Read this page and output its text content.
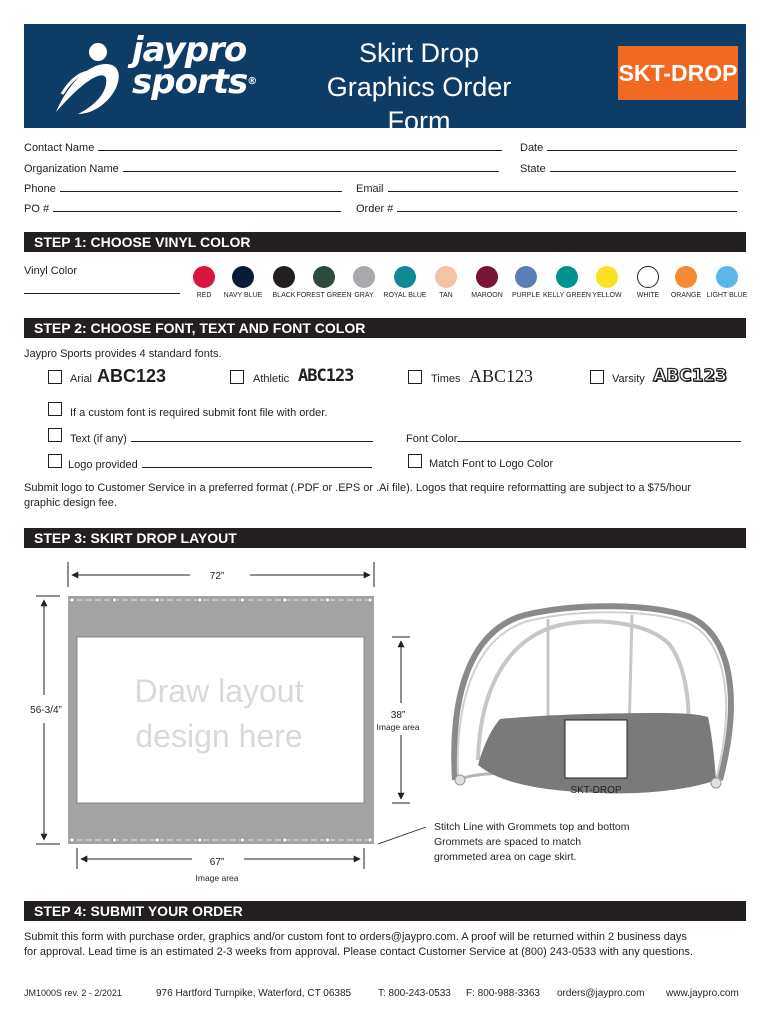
jaypro
sports®
Skirt Drop
Graphics Order Form
SKT-DROP
Contact Name	Date
Organization Name	State
Phone	Email
PO #	Order #
STEP 1: CHOOSE VINYL COLOR
Vinyl Color
RED NAVY BLUE BLACK FOREST GREEN GRAY ROYAL BLUE TAN	MAROON PURPLE KELLY GREEN YELLOW WHITE ORANGE LIGHT BLUE
STEP 2: CHOOSE FONT, TEXT AND FONT COLOR
Jaypro Sports provides 4 standard fonts.
Arial ABC123	Athletic ABC123	Times ABC123	Varsity ABC123
If a custom font is required submit font file with order.
Text (if any)	Font Color
Logo provided	Match Font to Logo Color
Submit logo to Customer Service in a preferred format (.PDF or .EPS or .Ai file). Logos that require reformatting are subject to a $75/hour
graphic design fee.
STEP 3: SKIRT DROP LAYOUT
72”
56-3/4”
Draw layout
design here
38”
Image area
67”
Image area
SKT-DROP
Stitch Line with Grommets top and bottom
Grommets are spaced to match
grommeted area on cage skirt.
STEP 4: SUBMIT YOUR ORDER
Submit this form with purchase order, graphics and/or custom font to orders@jaypro.com. A proof will be returned within 2 business days
for approval. Lead time is an estimated 2-3 weeks from approval. Please contact Customer Service at (800) 243-0533 with any questions.
JM1000S rev. 2 - 2/2021	976 Hartford Turnpike, Waterford, CT 06385	T: 800-243-0533 F: 800-988-3363 orders@jaypro.com www.jaypro.com
